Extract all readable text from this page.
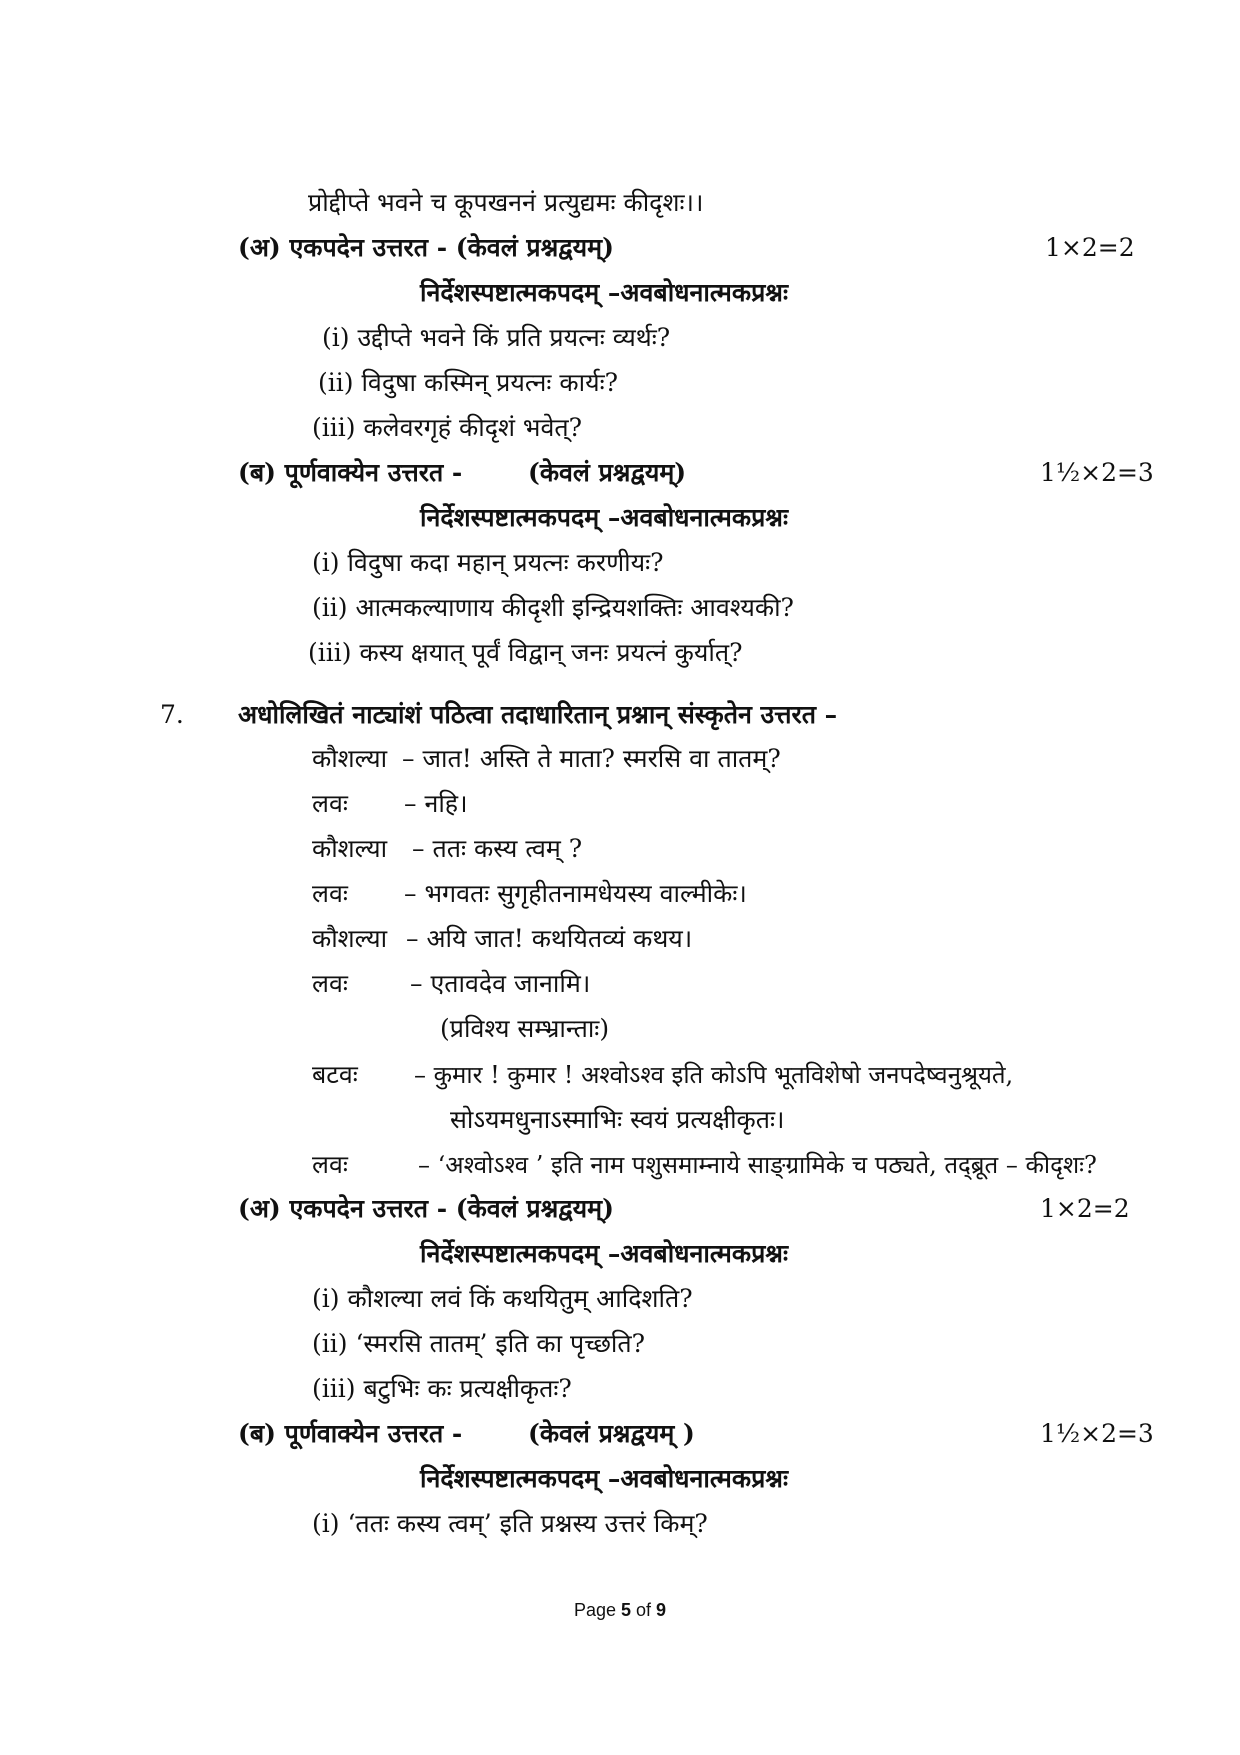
प्रोद्दीप्ते भवने च कूपखननं प्रत्युद्यमः कीदृशः।।
(अ) एकपदेन उत्तरत - (केवलं प्रश्नद्वयम्)	1×2=2
निर्देशस्पष्टात्मकपदम् –अवबोधनात्मकप्रश्नः
(i) उद्दीप्ते भवने किं प्रति प्रयत्नः व्यर्थः?
(ii) विदुषा कस्मिन् प्रयत्नः कार्यः?
(iii) कलेवरगृहं कीदृशं भवेत्?
(ब) पूर्णवाक्येन उत्तरत -	(केवलं प्रश्नद्वयम्)	1½×2=3
निर्देशस्पष्टात्मकपदम् –अवबोधनात्मकप्रश्नः
(i) विदुषा कदा महान् प्रयत्नः करणीयः?
(ii) आत्मकल्याणाय कीदृशी इन्द्रियशक्तिः आवश्यकी?
(iii) कस्य क्षयात् पूर्वं विद्वान् जनः प्रयत्नं कुर्यात्?
7. अधोलिखितं नाट्यांशं पठित्वा तदाधारितान् प्रश्नान् संस्कृतेन उत्तरत –
कौशल्या – जात! अस्ति ते माता? स्मरसि वा तातम्?
लवः – नहि।
कौशल्या – ततः कस्य त्वम् ?
लवः – भगवतः सुगृहीतनामधेयस्य वाल्मीकेः।
कौशल्या – अयि जात! कथयितव्यं कथय।
लवः – एतावदेव जानामि।
(प्रविश्य सम्भ्रान्ताः)
बटवः – कुमार ! कुमार ! अश्वोऽश्व इति कोऽपि भूतविशेषो जनपदेष्वनुश्रूयते,
सोऽयमधुनाऽस्माभिः स्वयं प्रत्यक्षीकृतः।
लवः	– ‘अश्वोऽश्व ’ इति नाम पशुसमाम्नाये साङ्ग्रामिके च पठ्यते, तद्ब्रूत – कीदृशः?
(अ) एकपदेन उत्तरत - (केवलं प्रश्नद्वयम्)	1×2=2
निर्देशस्पष्टात्मकपदम् –अवबोधनात्मकप्रश्नः
(i) कौशल्या लवं किं कथयितुम् आदिशति?
(ii) ‘स्मरसि तातम्’ इति का पृच्छति?
(iii) बटुभिः कः प्रत्यक्षीकृतः?
(ब) पूर्णवाक्येन उत्तरत -	(केवलं प्रश्नद्वयम् )	1½×2=3
निर्देशस्पष्टात्मकपदम् –अवबोधनात्मकप्रश्नः
(i) ‘ततः कस्य त्वम्’ इति प्रश्नस्य उत्तरं किम्?
Page 5 of 9
